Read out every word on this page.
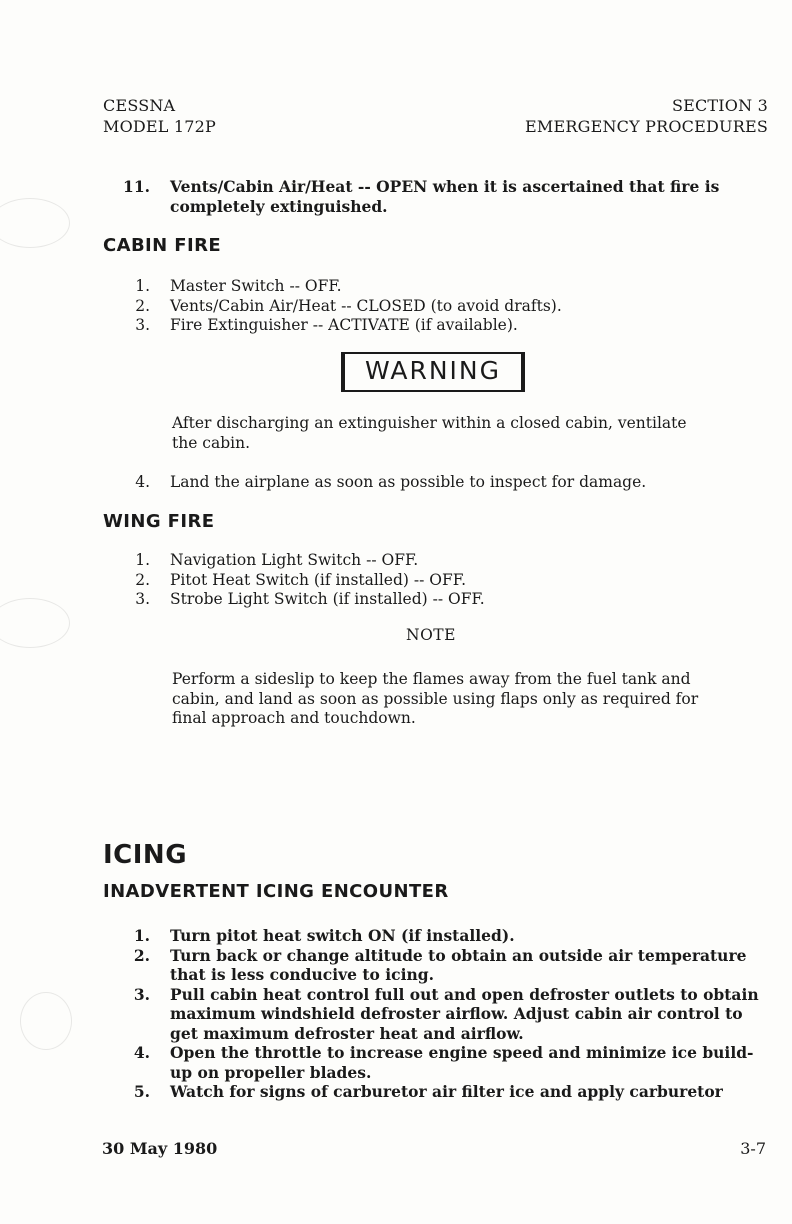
CESSNA
MODEL 172P
SECTION 3
EMERGENCY PROCEDURES
11. Vents/Cabin Air/Heat -- OPEN when it is ascertained that fire is completely extinguished.
CABIN FIRE
1. Master Switch -- OFF.
2. Vents/Cabin Air/Heat -- CLOSED (to avoid drafts).
3. Fire Extinguisher -- ACTIVATE (if available).
WARNING

After discharging an extinguisher within a closed cabin, ventilate the cabin.

4. Land the airplane as soon as possible to inspect for damage.
WING FIRE
1. Navigation Light Switch -- OFF.
2. Pitot Heat Switch (if installed) -- OFF.
3. Strobe Light Switch (if installed) -- OFF.
NOTE

Perform a sideslip to keep the flames away from the fuel tank and cabin, and land as soon as possible using flaps only as required for final approach and touchdown.

ICING
INADVERTENT ICING ENCOUNTER
1. Turn pitot heat switch ON (if installed).
2. Turn back or change altitude to obtain an outside air temperature that is less conducive to icing.
3. Pull cabin heat control full out and open defroster outlets to obtain maximum windshield defroster airflow. Adjust cabin air control to get maximum defroster heat and airflow.
4. Open the throttle to increase engine speed and minimize ice build-up on propeller blades.
5. Watch for signs of carburetor air filter ice and apply carburetor
30 May 1980	3-7
